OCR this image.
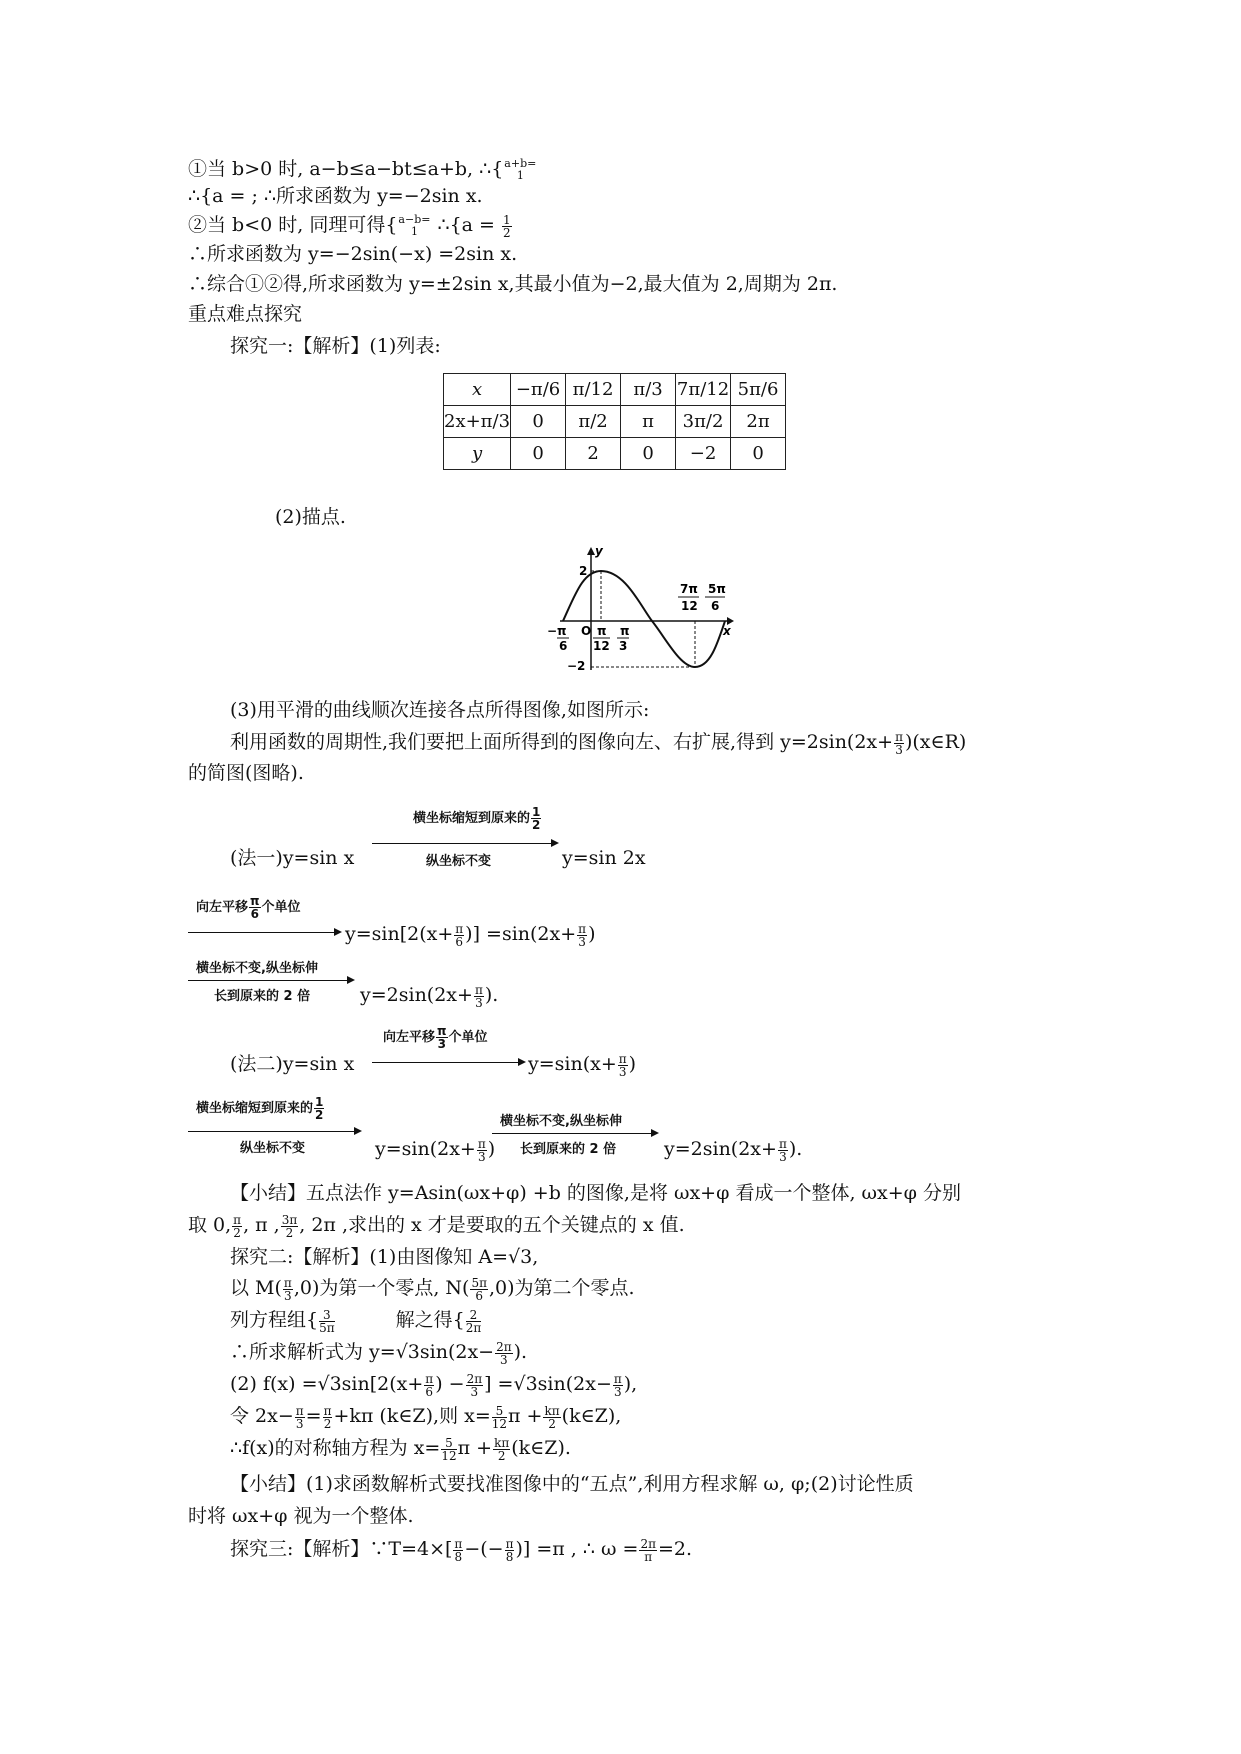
①当 b>0 时, a−b≤a−bt≤a+b, ∴{ a+b=
1
∴{a = ; ∴所求函数为 y=−2sin x.
②当 b<0 时, 同理可得{ a−b=
1 ∴{a = $\frac{1}{2}$
∴所求函数为 y=−2sin(−x) =2sin x.
∴综合①②得,所求函数为 y=±2sin x,其最小值为−2,最大值为 2,周期为 2π.
重点难点探究
探究一:【解析】(1)列表:
x	−π/6	π/12	π/3	7π/12	5π/6
2x+π/3	0	π/2	π	3π/2	2π
y	0	2	0	−2	0
(2)描点.
y
x
O
2
−2
−π
6
π
12
π
3
7π
12
5π
6
(3)用平滑的曲线顺次连接各点所得图像,如图所示:
利用函数的周期性,我们要把上面所得到的图像向左、右扩展,得到 $y=2\sin(2x+ \frac{\pi}{3}$ )(x∈R)
的简图(图略).
横坐标缩短到原来的 $\frac{1}{2}$
纵坐标不变
(法一)y=sin x	y=sin 2x
向左平移 $\frac{\pi}{6}$ 个单位
$y=\sin[2(x+ \frac{\pi}{6}$ )] $=\sin(2x+ \frac{\pi}{3}$ )
横坐标不变,纵坐标伸
长到原来的 2 倍	$y=2\sin(2x+ \frac{\pi}{3}$ ).
向左平移 $\frac{\pi}{3}$ 个单位
(法二)y=sin x	$y=\sin(x+ \frac{\pi}{3}$ )
横坐标缩短到原来的 $\frac{1}{2}$
纵坐标不变	$y=\sin(2x+ \frac{\pi}{3}$ )
横坐标不变,纵坐标伸
长到原来的 2 倍	$y=2\sin(2x+ \frac{\pi}{3}$ ).
【小结】五点法作 y=Asin(ωx+φ) +b 的图像,是将 ωx+φ 看成一个整体, ωx+φ 分别
取 0, $\frac{\pi}{2}$ , π , $\frac{3\pi}{2}$ , 2π ,求出的 x 才是要取的五个关键点的 x 值.
探究二:【解析】(1)由图像知 A=√3,
以 $M( \frac{\pi}{3} ,0)$为第一个零点, $N( \frac{5\pi}{6} ,0)$为第二个零点.
列方程组{ $\frac{3}{5\pi}$	解之得{ $\frac{2}{2\pi}$
∴所求解析式为 $y=√3\sin(2x- \frac{2\pi}{3}$ ).
(2) $f(x) =√3\sin[2(x+ \frac{\pi}{6}$ ) − $\frac{2\pi}{3}$ ] $=√3\sin(2x- \frac{\pi}{3}$ ),
令 $2x- \frac{\pi}{3} = \frac{\pi}{2} +k\pi$ (k∈Z),则 $x= \frac{5}{12}$ $\pi + \frac{k\pi}{2}$ (k∈Z),
∴f(x)的对称轴方程为 $x= \frac{5}{12}$ $\pi + \frac{k\pi}{2}$ (k∈Z).
【小结】(1)求函数解析式要找准图像中的“五点”,利用方程求解 ω, φ;(2)讨论性质
时将 ωx+φ 视为一个整体.
探究三:【解析】∵T=4×[ $\frac{\pi}{8}$ −(− $\frac{\pi}{8}$ )] =π , ∴ $\omega = \frac{2\pi}{\pi} =2$.
